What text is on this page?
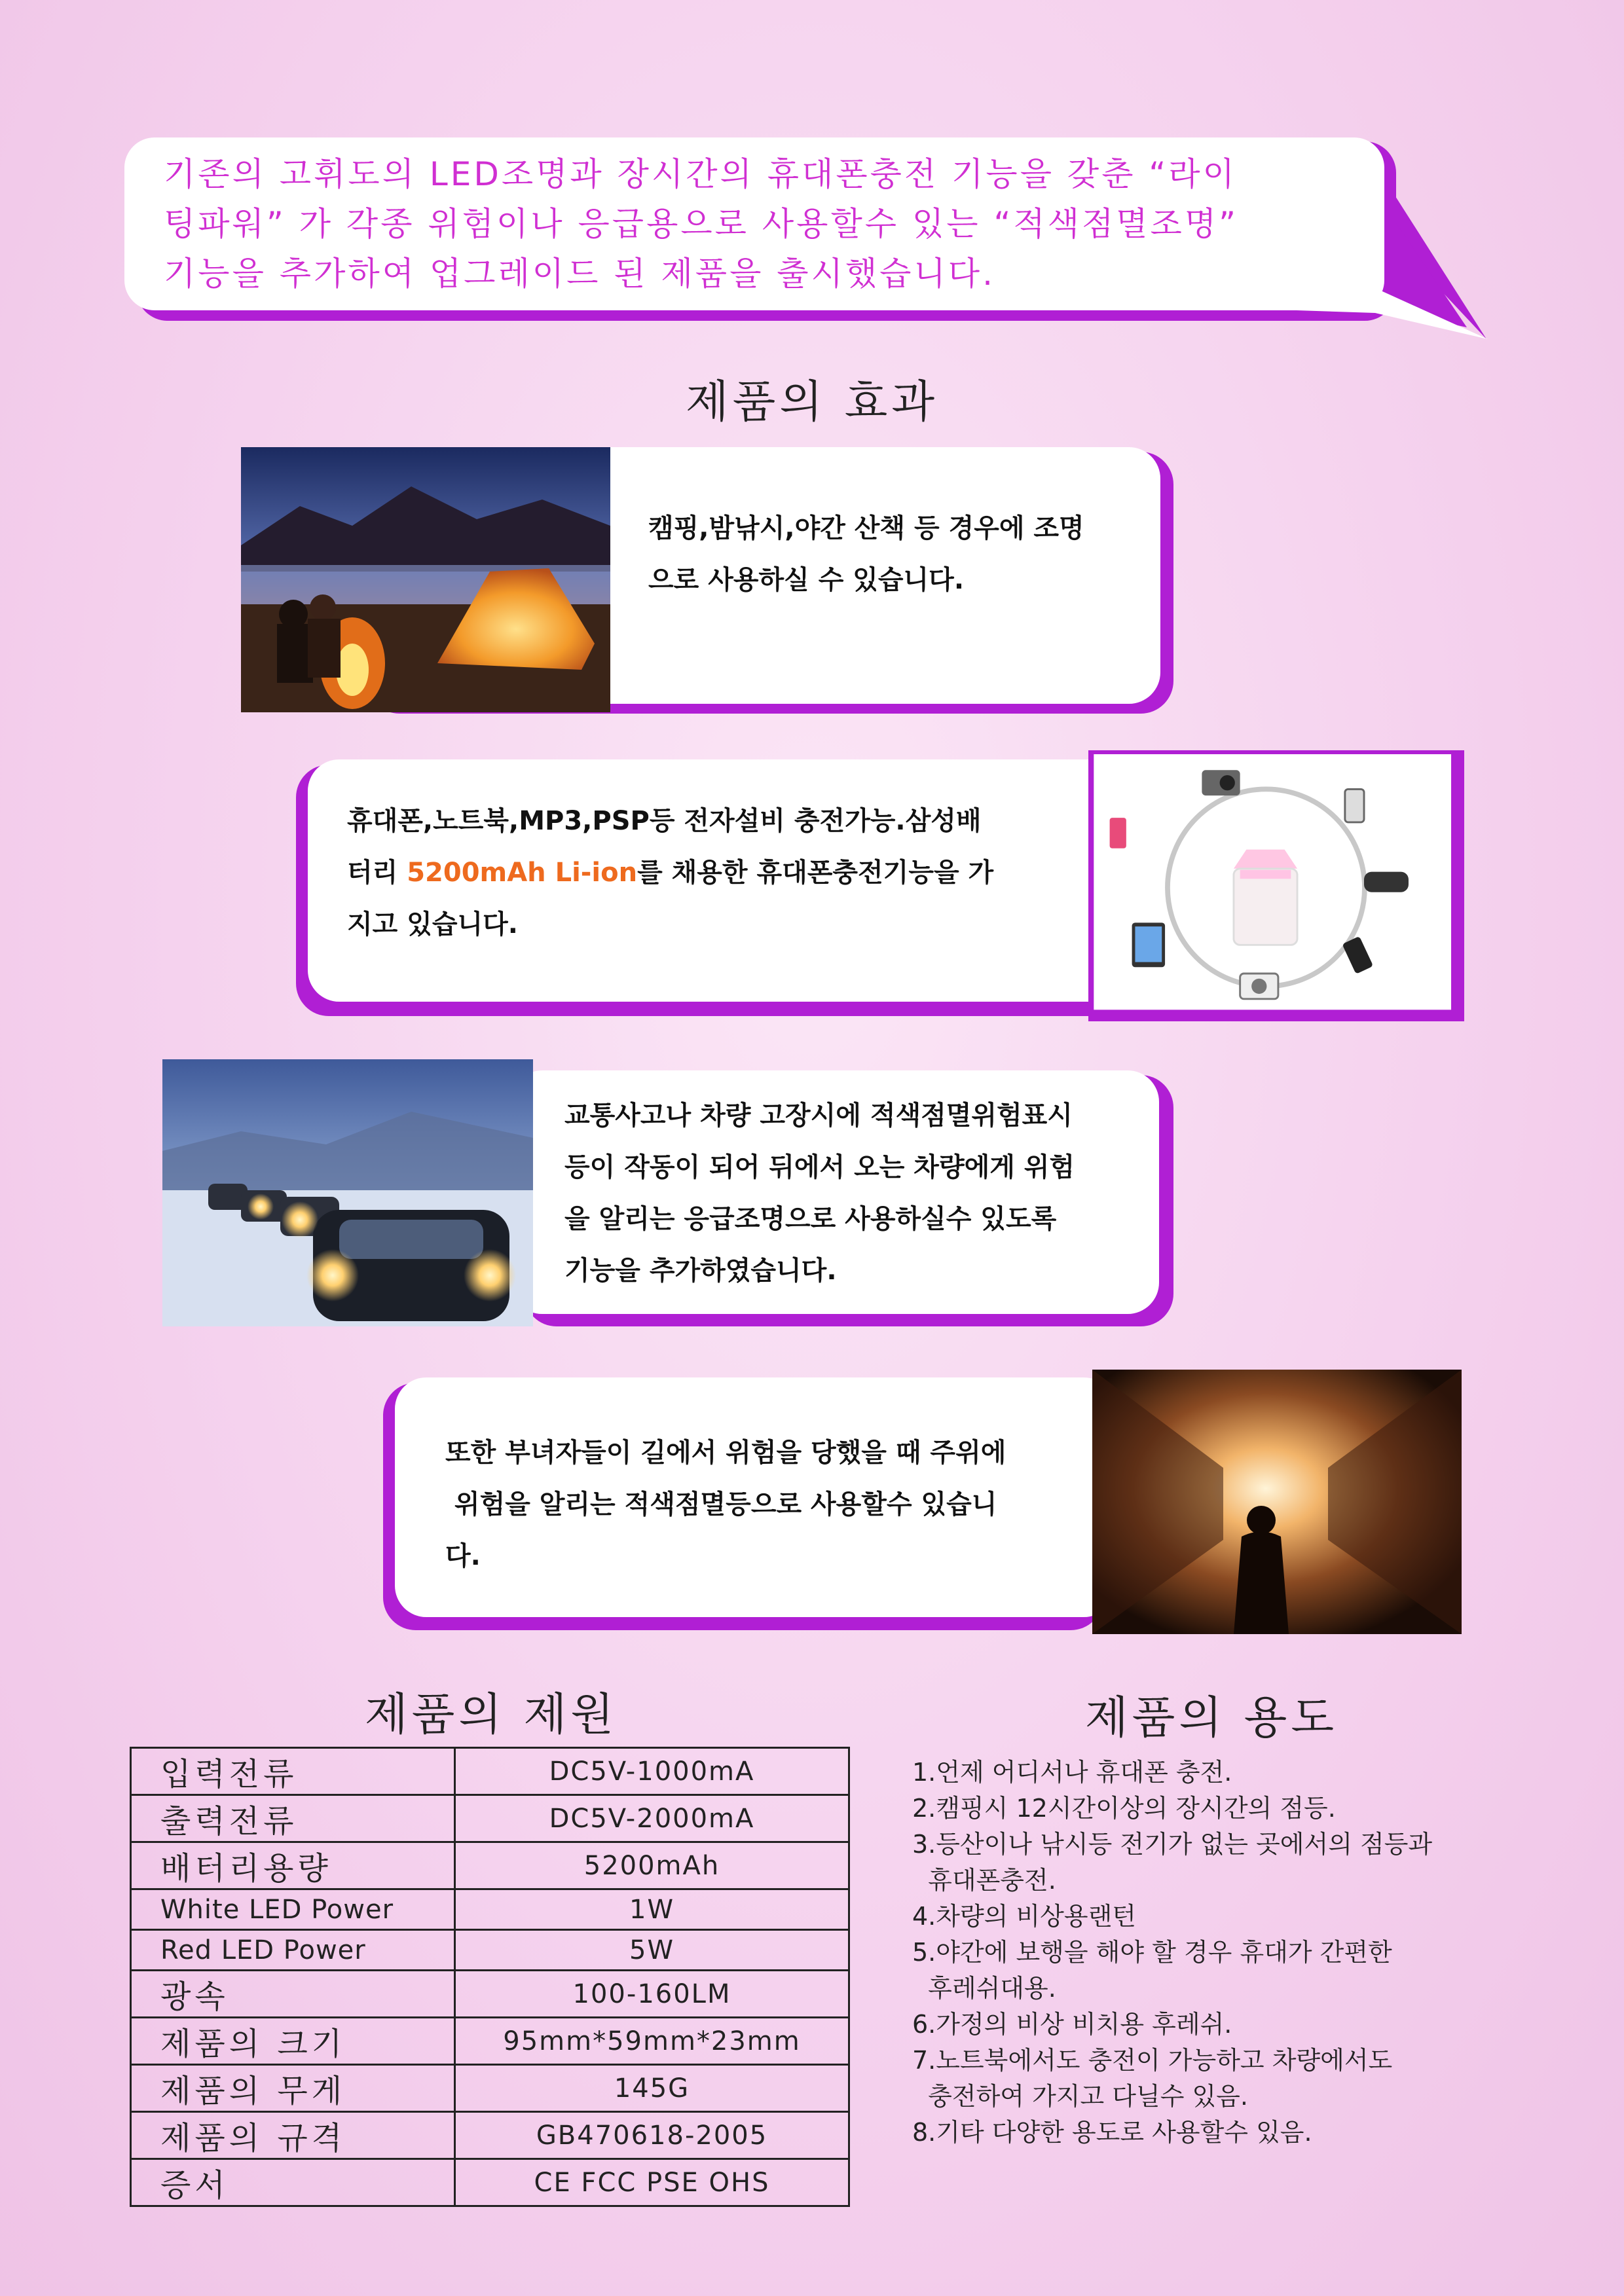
기존의 고휘도의 LED조명과 장시간의 휴대폰충전 기능을 갖춘 “라이
팅파워” 가 각종 위험이나 응급용으로 사용할수 있는 “적색점멸조명”
기능을 추가하여 업그레이드 된 제품을 출시했습니다.
제품의 효과
캠핑,밤낚시,야간 산책 등 경우에 조명
으로 사용하실 수 있습니다.
휴대폰,노트북,MP3,PSP등 전자설비 충전가능.삼성배
터리 5200mAh Li-ion를 채용한 휴대폰충전기능을 가
지고 있습니다.
교통사고나 차량 고장시에 적색점멸위험표시
등이 작동이 되어 뒤에서 오는 차량에게 위험
을 알리는 응급조명으로 사용하실수 있도록
기능을 추가하였습니다.
또한 부녀자들이 길에서 위험을 당했을 때 주위에
위험을 알리는 적색점멸등으로 사용할수 있습니
다.
제품의 제원
입력전류	DC5V-1000mA
출력전류	DC5V-2000mA
배터리용량	5200mAh
White LED Power	1W
Red LED Power	5W
광속	100-160LM
제품의 크기	95mm*59mm*23mm
제품의 무게	145G
제품의 규격	GB470618-2005
증서	CE FCC PSE OHS
제품의 용도
1.언제 어디서나 휴대폰 충전.
2.캠핑시 12시간이상의 장시간의 점등.
3.등산이나 낚시등 전기가 없는 곳에서의 점등과
휴대폰충전.
4.차량의 비상용랜턴
5.야간에 보행을 해야 할 경우 휴대가 간편한
후레쉬대용.
6.가정의 비상 비치용 후레쉬.
7.노트북에서도 충전이 가능하고 차량에서도
충전하여 가지고 다닐수 있음.
8.기타 다양한 용도로 사용할수 있음.
